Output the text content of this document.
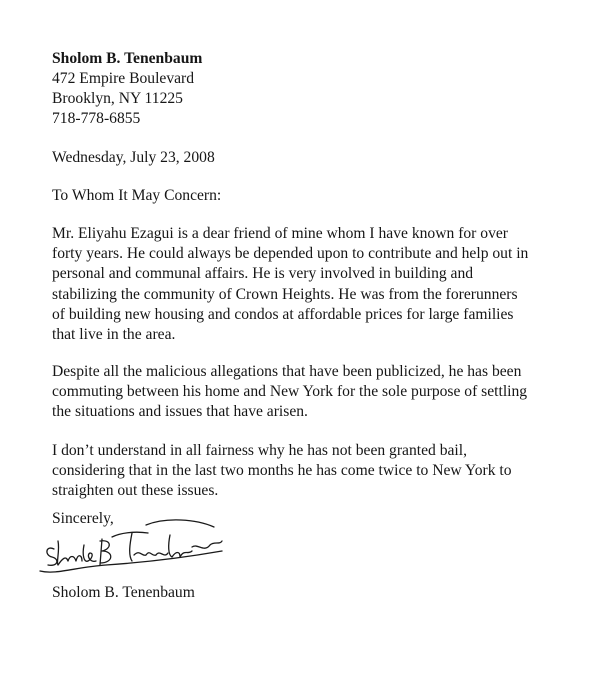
Sholom B. Tenenbaum
472 Empire Boulevard
Brooklyn, NY 11225
718-778-6855
Wednesday, July 23, 2008
To Whom It May Concern:
Mr. Eliyahu Ezagui is a dear friend of mine whom I have known for over
forty years. He could always be depended upon to contribute and help out in
personal and communal affairs. He is very involved in building and
stabilizing the community of Crown Heights. He was from the forerunners
of building new housing and condos at affordable prices for large families
that live in the area.
Despite all the malicious allegations that have been publicized, he has been
commuting between his home and New York for the sole purpose of settling
the situations and issues that have arisen.
I don’t understand in all fairness why he has not been granted bail,
considering that in the last two months he has come twice to New York to
straighten out these issues.
Sincerely,
Sholom B. Tenenbaum
